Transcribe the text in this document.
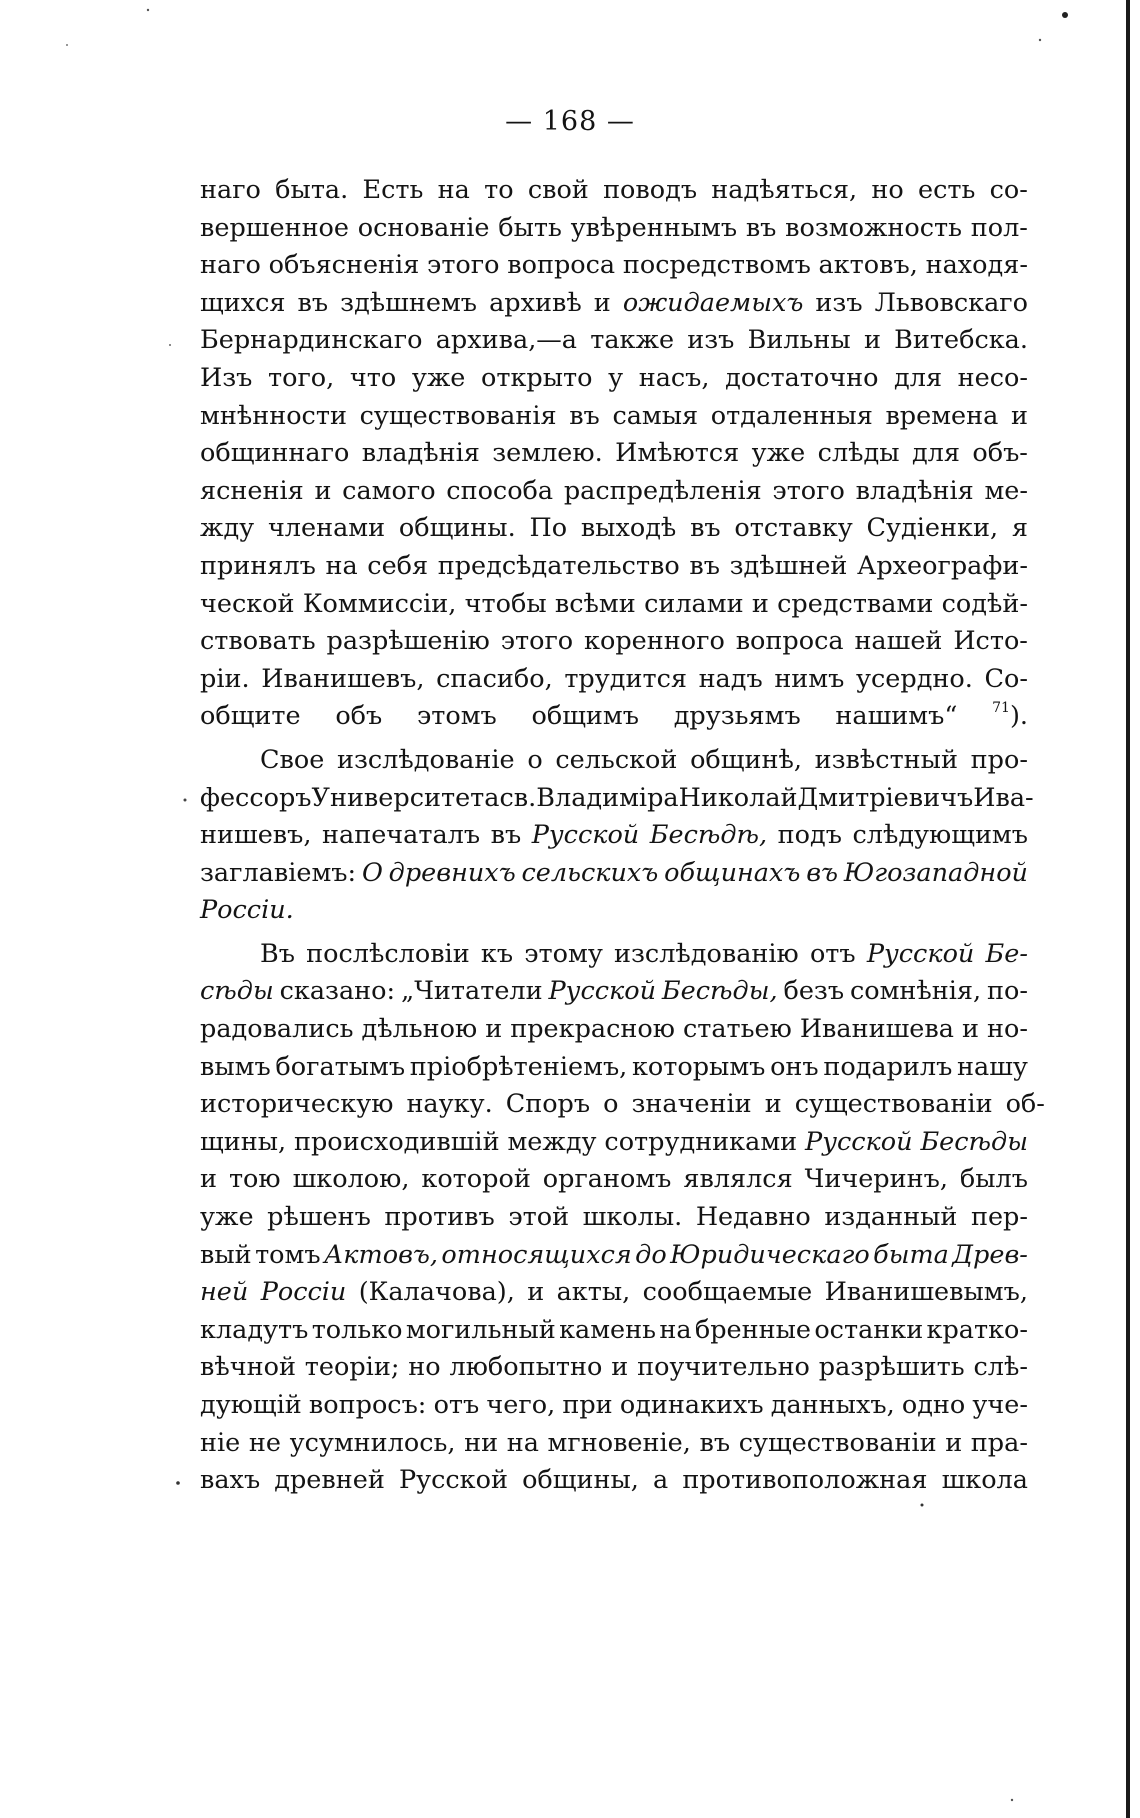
— 168 —
наго быта. Есть на то свой поводъ надѣяться, но есть со-
вершенное основаніе быть увѣреннымъ въ возможность пол-
наго объясненія этого вопроса посредствомъ актовъ, находя-
щихся въ здѣшнемъ архивѣ и ожидаемыхъ изъ Львовскаго
Бернардинскаго архива,—а также изъ Вильны и Витебска.
Изъ того, что уже открыто у насъ, достаточно для несо-
мнѣнности существованія въ самыя отдаленныя времена и
общиннаго владѣнія землею. Имѣются уже слѣды для объ-
ясненія и самого способа распредѣленія этого владѣнія ме-
жду членами общины. По выходѣ въ отставку Судіенки, я
принялъ на себя предсѣдательство въ здѣшней Археографи-
ческой Коммиссіи, чтобы всѣми силами и средствами содѣй-
ствовать разрѣшенію этого коренного вопроса нашей Исто-
ріи. Иванишевъ, спасибо, трудится надъ нимъ усердно. Со-
общите объ этомъ общимъ друзьямъ нашимъ“ $^{71}$).
Свое изслѣдованіе о сельской общинѣ, извѣстный про-
фессоръ Университета св. Владиміра Николай Дмитріевичъ Ива-
нишевъ, напечаталъ въ Русской Бесѣдѣ, подъ слѣдующимъ
заглавіемъ: О древнихъ сельскихъ общинахъ въ Югозападной
Россіи.
Въ послѣсловіи къ этому изслѣдованію отъ Русской Бе-
сѣды сказано: „Читатели Русской Бесѣды, безъ сомнѣнія, по-
радовались дѣльною и прекрасною статьею Иванишева и но-
вымъ богатымъ пріобрѣтеніемъ, которымъ онъ подарилъ нашу
историческую науку. Споръ о значеніи и существованіи об-
щины, происходившій между сотрудниками Русской Бесѣды
и тою школою, которой органомъ являлся Чичеринъ, былъ
уже рѣшенъ противъ этой школы. Недавно изданный пер-
вый томъ Актовъ, относящихся до Юридическаго быта Древ-
ней Россіи (Калачова), и акты, сообщаемые Иванишевымъ,
кладутъ только могильный камень на бренные останки кратко-
вѣчной теоріи; но любопытно и поучительно разрѣшить слѣ-
дующій вопросъ: отъ чего, при одинакихъ данныхъ, одно уче-
ніе не усумнилось, ни на мгновеніе, въ существованіи и пра-
вахъ древней Русской общины, а противоположная школа
